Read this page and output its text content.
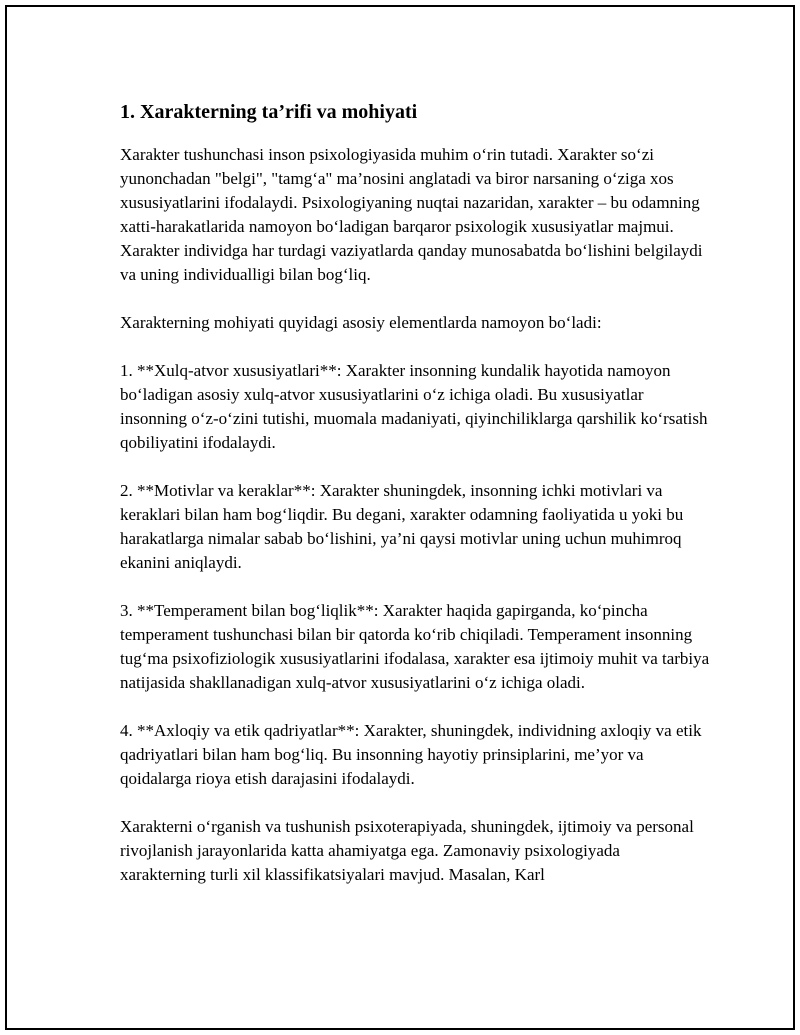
1. Xarakterning ta’rifi va mohiyati

Xarakter tushunchasi inson psixologiyasida muhim o‘rin tutadi. Xarakter so‘zi yunonchadan "belgi", "tamg‘a" ma’nosini anglatadi va biror narsaning o‘ziga xos xususiyatlarini ifodalaydi. Psixologiyaning nuqtai nazaridan, xarakter – bu odamning xatti-harakatlarida namoyon bo‘ladigan barqaror psixologik xususiyatlar majmui. Xarakter individga har turdagi vaziyatlarda qanday munosabatda bo‘lishini belgilaydi va uning individualligi bilan bog‘liq.

Xarakterning mohiyati quyidagi asosiy elementlarda namoyon bo‘ladi:

1. **Xulq-atvor xususiyatlari**: Xarakter insonning kundalik hayotida namoyon bo‘ladigan asosiy xulq-atvor xususiyatlarini o‘z ichiga oladi. Bu xususiyatlar insonning o‘z-o‘zini tutishi, muomala madaniyati, qiyinchiliklarga qarshilik ko‘rsatish qobiliyatini ifodalaydi.

2. **Motivlar va keraklar**: Xarakter shuningdek, insonning ichki motivlari va keraklari bilan ham bog‘liqdir. Bu degani, xarakter odamning faoliyatida u yoki bu harakatlarga nimalar sabab bo‘lishini, ya’ni qaysi motivlar uning uchun muhimroq ekanini aniqlaydi.

3. **Temperament bilan bog‘liqlik**: Xarakter haqida gapirganda, ko‘pincha temperament tushunchasi bilan bir qatorda ko‘rib chiqiladi. Temperament insonning tug‘ma psixofiziologik xususiyatlarini ifodalasa, xarakter esa ijtimoiy muhit va tarbiya natijasida shakllanadigan xulq-atvor xususiyatlarini o‘z ichiga oladi.

4. **Axloqiy va etik qadriyatlar**: Xarakter, shuningdek, individning axloqiy va etik qadriyatlari bilan ham bog‘liq. Bu insonning hayotiy prinsiplarini, me’yor va qoidalarga rioya etish darajasini ifodalaydi.

Xarakterni o‘rganish va tushunish psixoterapiyada, shuningdek, ijtimoiy va personal rivojlanish jarayonlarida katta ahamiyatga ega. Zamonaviy psixologiyada xarakterning turli xil klassifikatsiyalari mavjud. Masalan, Karl
